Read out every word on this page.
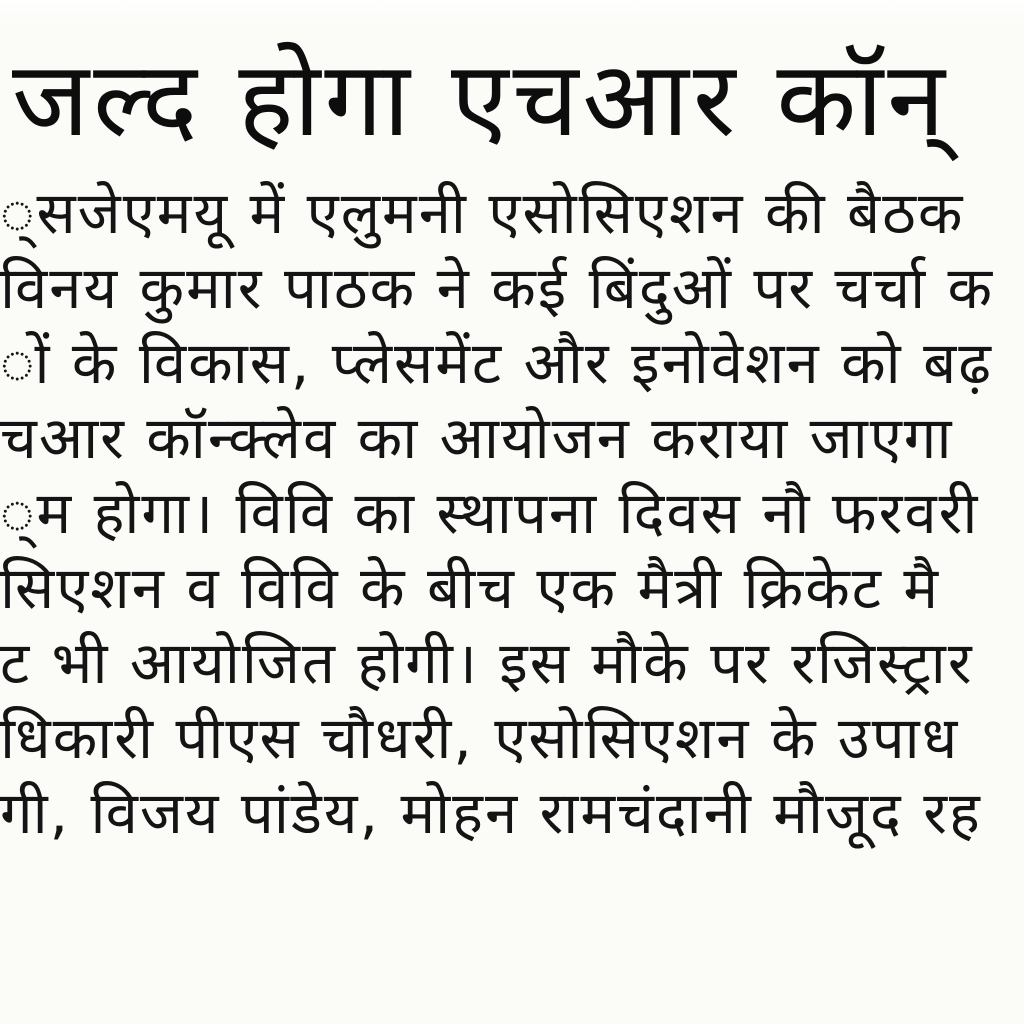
जल्द होगा एचआर कॉन्
्सजेएमयू में एलुमनी एसोसिएशन की बैठक
विनय कुमार पाठक ने कई बिंदुओं पर चर्चा क
ों के विकास, प्लेसमेंट और इनोवेशन को बढ़
चआर कॉन्क्लेव का आयोजन कराया जाएगा
्म होगा। विवि का स्थापना दिवस नौ फरवरी
सिएशन व विवि के बीच एक मैत्री क्रिकेट मै
ट भी आयोजित होगी। इस मौके पर रजिस्ट्रार
धिकारी पीएस चौधरी, एसोसिएशन के उपाध
गी, विजय पांडेय, मोहन रामचंदानी मौजूद रह
